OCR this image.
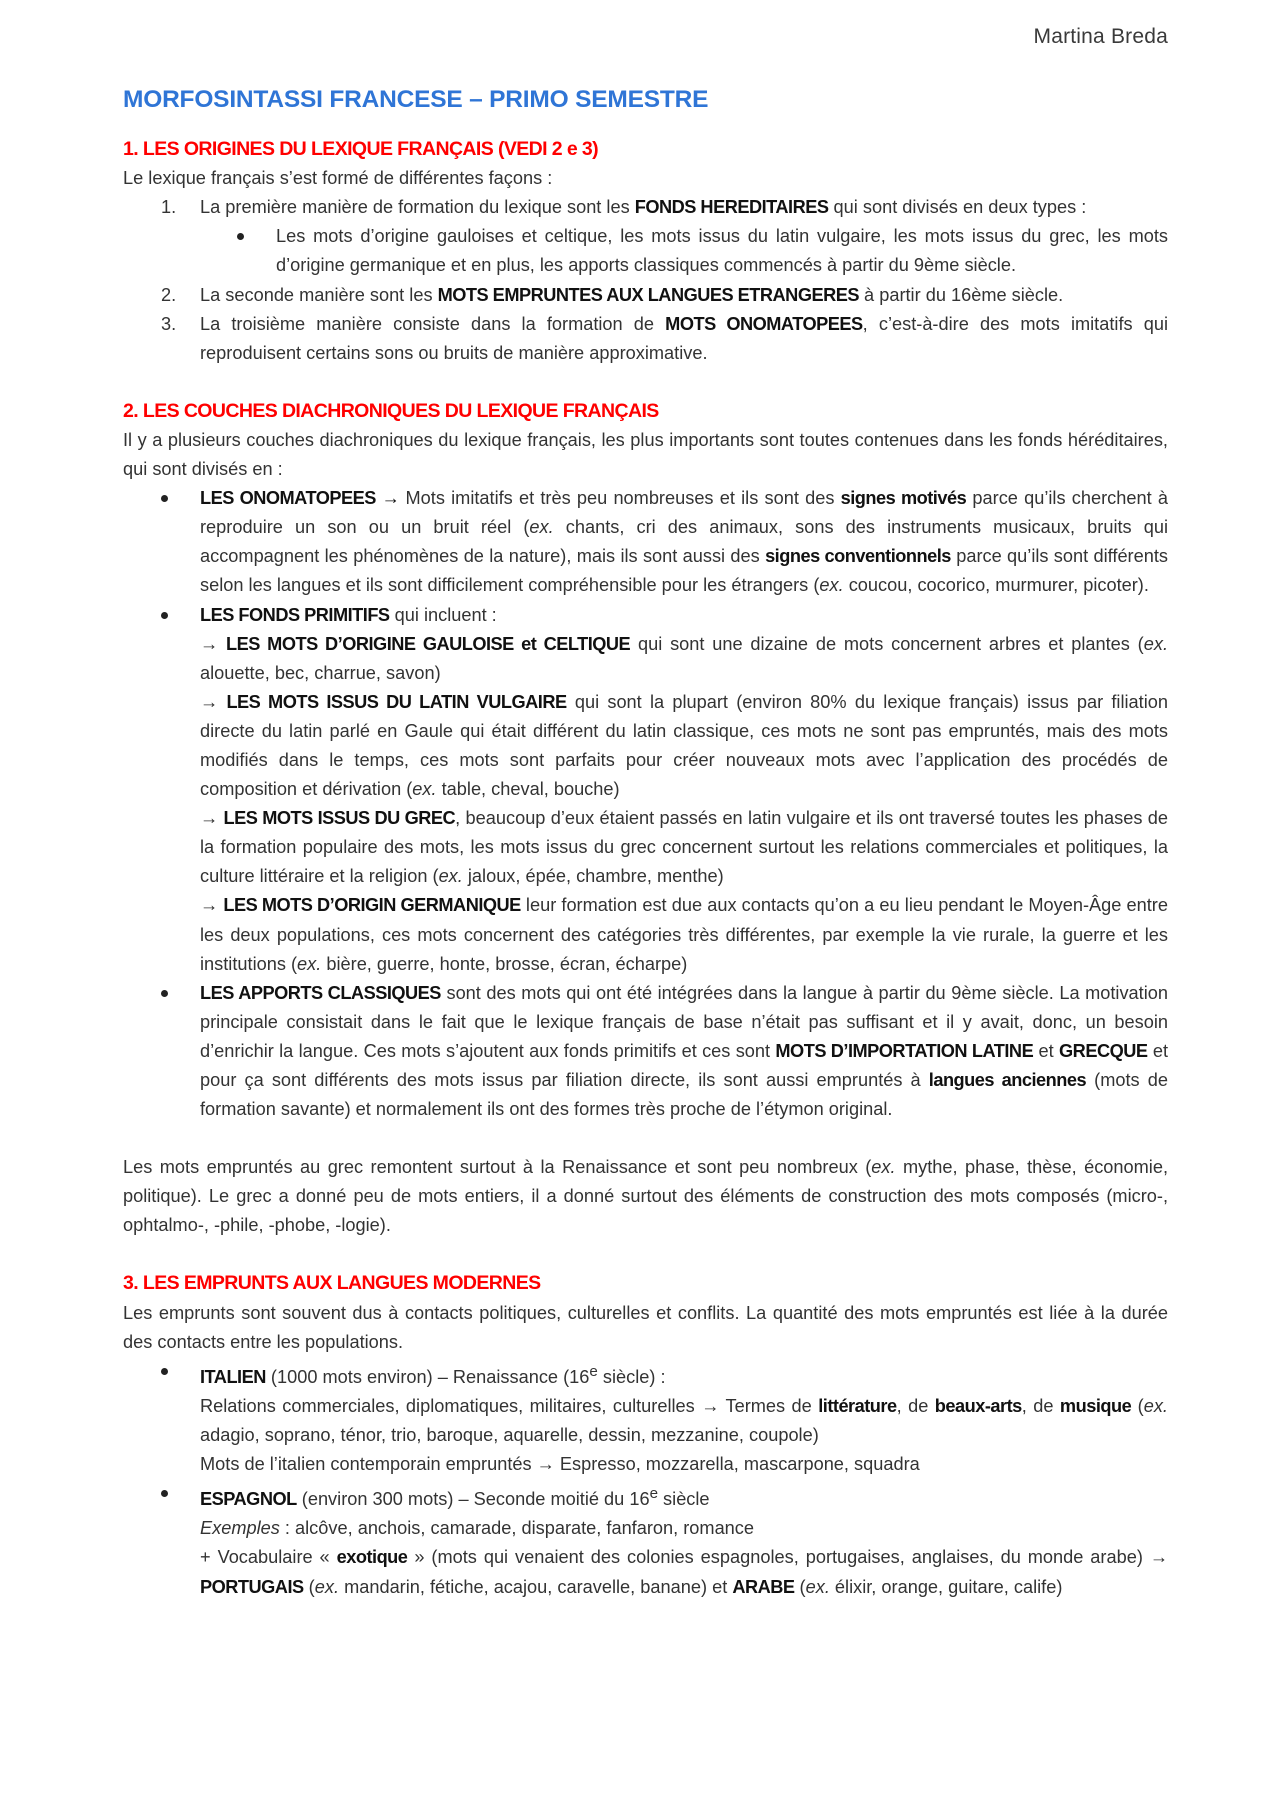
Martina Breda
MORFOSINTASSI FRANCESE – PRIMO SEMESTRE
1. LES ORIGINES DU LEXIQUE FRANÇAIS (VEDI 2 e 3)

Le lexique français s’est formé de différentes façons :

1. La première manière de formation du lexique sont les FONDS HEREDITAIRES qui sont divisés en deux types :
Les mots d’origine gauloises et celtique, les mots issus du latin vulgaire, les mots issus du grec, les mots d’origine germanique et en plus, les apports classiques commencés à partir du 9ème siècle.
2. La seconde manière sont les MOTS EMPRUNTES AUX LANGUES ETRANGERES à partir du 16ème siècle.
3. La troisième manière consiste dans la formation de MOTS ONOMATOPEES, c’est-à-dire des mots imitatifs qui reproduisent certains sons ou bruits de manière approximative.
2. LES COUCHES DIACHRONIQUES DU LEXIQUE FRANÇAIS

Il y a plusieurs couches diachroniques du lexique français, les plus importants sont toutes contenues dans les fonds héréditaires, qui sont divisés en :

LES ONOMATOPEES → Mots imitatifs et très peu nombreuses et ils sont des signes motivés parce qu’ils cherchent à reproduire un son ou un bruit réel (ex. chants, cri des animaux, sons des instruments musicaux, bruits qui accompagnent les phénomènes de la nature), mais ils sont aussi des signes conventionnels parce qu’ils sont différents selon les langues et ils sont difficilement compréhensible pour les étrangers (ex. coucou, cocorico, murmurer, picoter).
LES FONDS PRIMITIFS qui incluent :
→ LES MOTS D’ORIGINE GAULOISE et CELTIQUE qui sont une dizaine de mots concernent arbres et plantes (ex. alouette, bec, charrue, savon)
→ LES MOTS ISSUS DU LATIN VULGAIRE qui sont la plupart (environ 80% du lexique français) issus par filiation directe du latin parlé en Gaule qui était différent du latin classique, ces mots ne sont pas empruntés, mais des mots modifiés dans le temps, ces mots sont parfaits pour créer nouveaux mots avec l’application des procédés de composition et dérivation (ex. table, cheval, bouche)
→ LES MOTS ISSUS DU GREC, beaucoup d’eux étaient passés en latin vulgaire et ils ont traversé toutes les phases de la formation populaire des mots, les mots issus du grec concernent surtout les relations commerciales et politiques, la culture littéraire et la religion (ex. jaloux, épée, chambre, menthe)
→ LES MOTS D’ORIGIN GERMANIQUE leur formation est due aux contacts qu’on a eu lieu pendant le Moyen-Âge entre les deux populations, ces mots concernent des catégories très différentes, par exemple la vie rurale, la guerre et les institutions (ex. bière, guerre, honte, brosse, écran, écharpe)
LES APPORTS CLASSIQUES sont des mots qui ont été intégrées dans la langue à partir du 9ème siècle. La motivation principale consistait dans le fait que le lexique français de base n’était pas suffisant et il y avait, donc, un besoin d’enrichir la langue. Ces mots s’ajoutent aux fonds primitifs et ces sont MOTS D’IMPORTATION LATINE et GRECQUE et pour ça sont différents des mots issus par filiation directe, ils sont aussi empruntés à langues anciennes (mots de formation savante) et normalement ils ont des formes très proche de l’étymon original.

Les mots empruntés au grec remontent surtout à la Renaissance et sont peu nombreux (ex. mythe, phase, thèse, économie, politique). Le grec a donné peu de mots entiers, il a donné surtout des éléments de construction des mots composés (micro-, ophtalmo-, -phile, -phobe, -logie).

3. LES EMPRUNTS AUX LANGUES MODERNES

Les emprunts sont souvent dus à contacts politiques, culturelles et conflits. La quantité des mots empruntés est liée à la durée des contacts entre les populations.

ITALIEN (1000 mots environ) – Renaissance (16e siècle) :
Relations commerciales, diplomatiques, militaires, culturelles → Termes de littérature, de beaux-arts, de musique (ex. adagio, soprano, ténor, trio, baroque, aquarelle, dessin, mezzanine, coupole)
Mots de l’italien contemporain empruntés → Espresso, mozzarella, mascarpone, squadra
ESPAGNOL (environ 300 mots) – Seconde moitié du 16e siècle
Exemples : alcôve, anchois, camarade, disparate, fanfaron, romance
+ Vocabulaire « exotique » (mots qui venaient des colonies espagnoles, portugaises, anglaises, du monde arabe) → PORTUGAIS (ex. mandarin, fétiche, acajou, caravelle, banane) et ARABE (ex. élixir, orange, guitare, calife)
